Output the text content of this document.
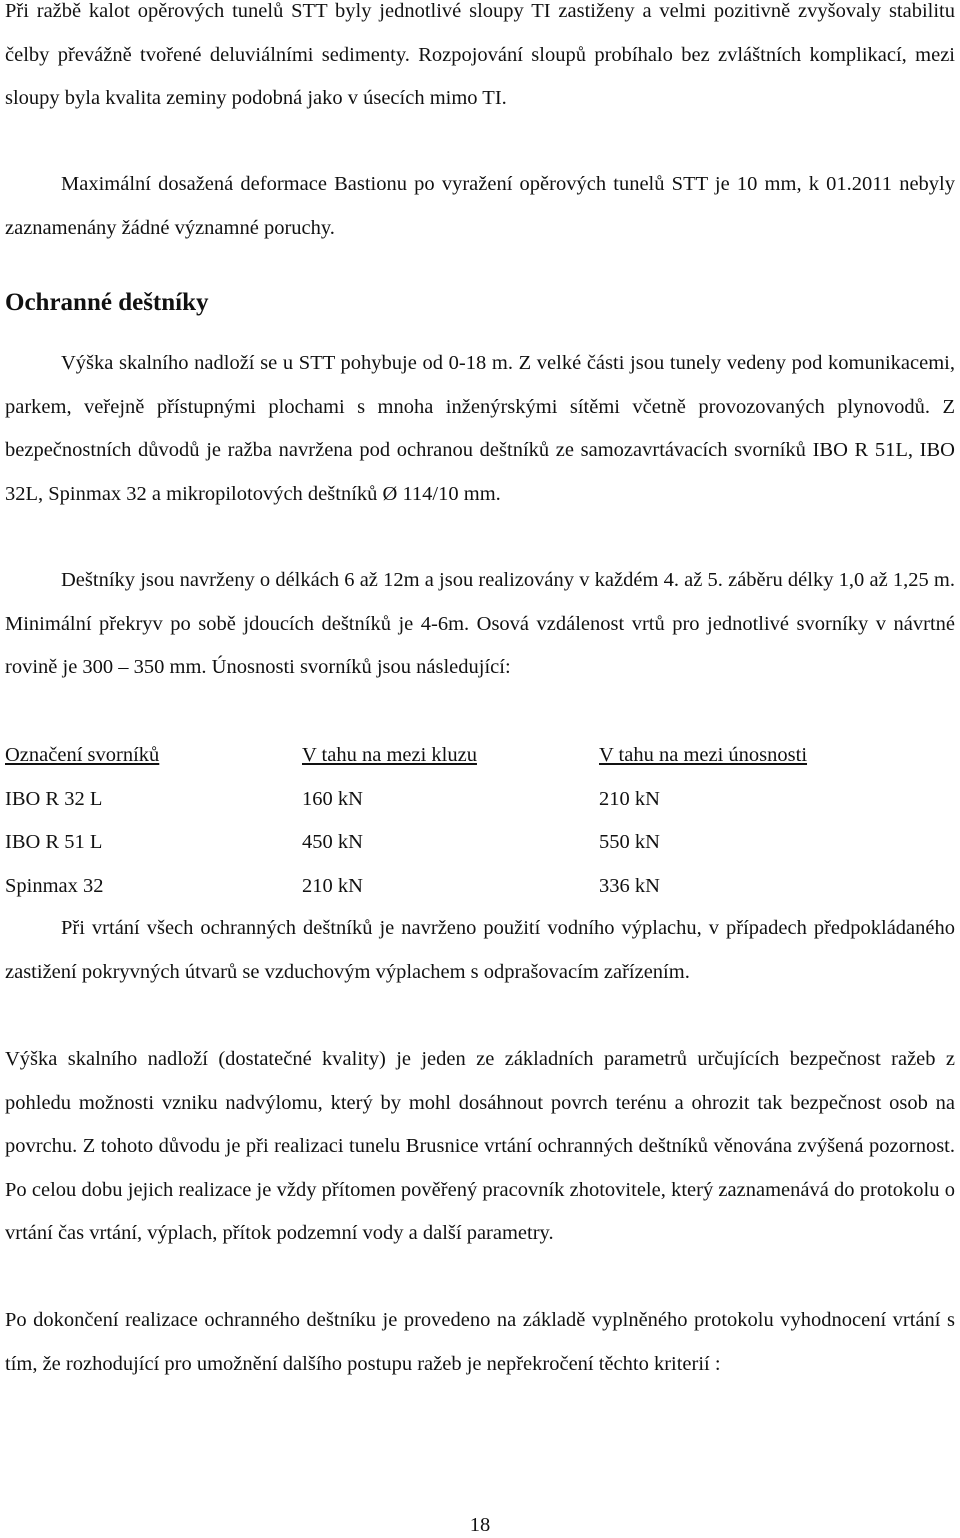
Při ražbě kalot opěrových tunelů STT byly jednotlivé sloupy TI zastiženy a velmi pozitivně zvyšovaly stabilitu čelby převážně tvořené deluviálními sedimenty. Rozpojování sloupů probíhalo bez zvláštních komplikací, mezi sloupy byla kvalita zeminy podobná jako v úsecích mimo TI.

Maximální dosažená deformace Bastionu po vyražení opěrových tunelů STT je 10 mm, k 01.2011 nebyly zaznamenány žádné významné poruchy.

Ochranné deštníky

Výška skalního nadloží se u STT pohybuje od 0-18 m. Z velké části jsou tunely vedeny pod komunikacemi, parkem, veřejně přístupnými plochami s mnoha inženýrskými sítěmi včetně provozovaných plynovodů. Z bezpečnostních důvodů je ražba navržena pod ochranou deštníků ze samozavrtávacích svorníků IBO R 51L, IBO 32L, Spinmax 32 a mikropilotových deštníků Ø 114/10 mm.

Deštníky jsou navrženy o délkách 6 až 12m a jsou realizovány v každém 4. až 5. záběru délky 1,0 až 1,25 m. Minimální překryv po sobě jdoucích deštníků je 4-6m. Osová vzdálenost vrtů pro jednotlivé svorníky v návrtné rovině je 300 – 350 mm. Únosnosti svorníků jsou následující:

Označení svorníků	V tahu na mezi kluzu	V tahu na mezi únosnosti
IBO R 32 L	160 kN	210 kN
IBO R 51 L	450 kN	550 kN
Spinmax 32	210 kN	336 kN

Při vrtání všech ochranných deštníků je navrženo použití vodního výplachu, v případech předpokládaného zastižení pokryvných útvarů se vzduchovým výplachem s odprašovacím zařízením.

Výška skalního nadloží (dostatečné kvality) je jeden ze základních parametrů určujících bezpečnost ražeb z pohledu možnosti vzniku nadvýlomu, který by mohl dosáhnout povrch terénu a ohrozit tak bezpečnost osob na povrchu. Z tohoto důvodu je při realizaci tunelu Brusnice vrtání ochranných deštníků věnována zvýšená pozornost. Po celou dobu jejich realizace je vždy přítomen pověřený pracovník zhotovitele, který zaznamenává do protokolu o vrtání čas vrtání, výplach, přítok podzemní vody a další parametry.

Po dokončení realizace ochranného deštníku je provedeno na základě vyplněného protokolu vyhodnocení vrtání s tím, že rozhodující pro umožnění dalšího postupu ražeb je nepřekročení těchto kriterií :

18
